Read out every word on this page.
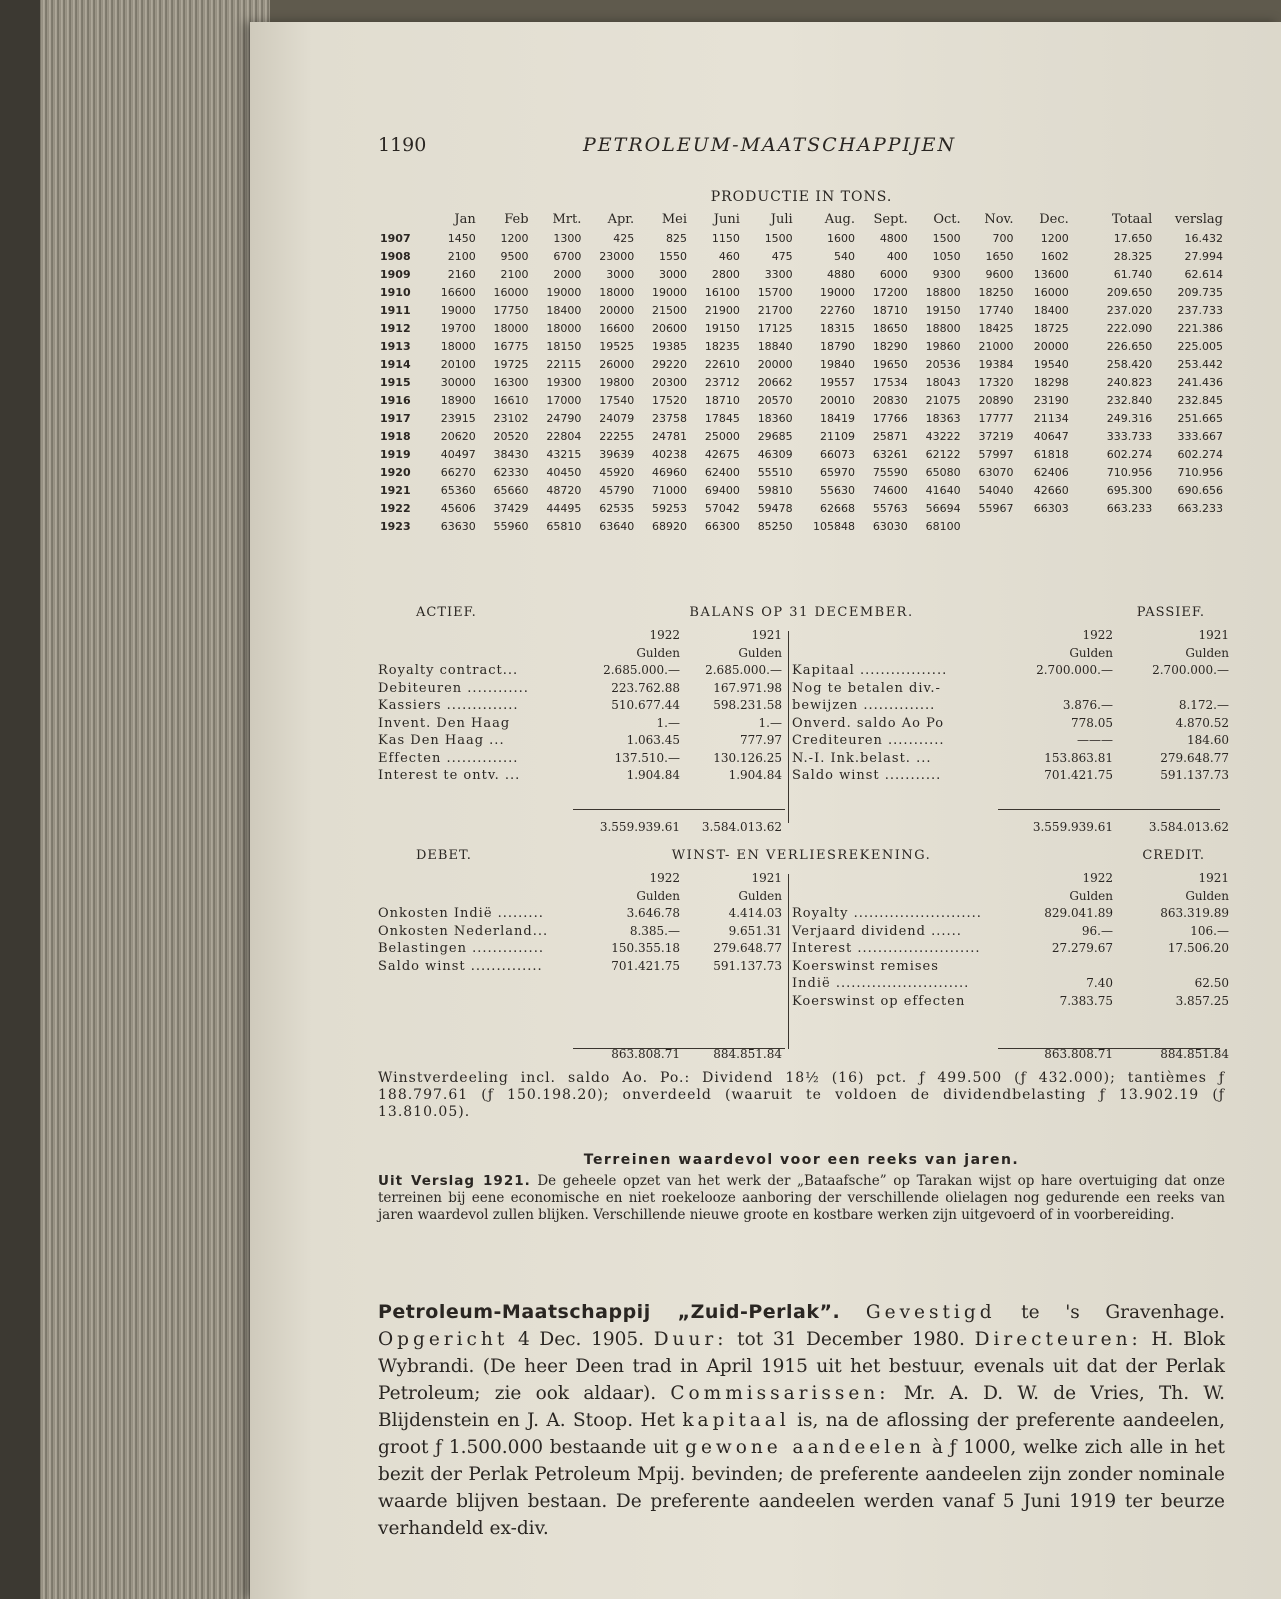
1190	PETROLEUM-MAATSCHAPPIJEN
PRODUCTIE IN TONS.
	Jan	Feb	Mrt.	Apr.	Mei	Juni	Juli	Aug.	Sept.	Oct.	Nov.	Dec.	Totaal	verslag
1907	1450	1200	1300	425	825	1150	1500	1600	4800	1500	700	1200	17.650	16.432
1908	2100	9500	6700	23000	1550	460	475	540	400	1050	1650	1602	28.325	27.994
1909	2160	2100	2000	3000	3000	2800	3300	4880	6000	9300	9600	13600	61.740	62.614
1910	16600	16000	19000	18000	19000	16100	15700	19000	17200	18800	18250	16000	209.650	209.735
1911	19000	17750	18400	20000	21500	21900	21700	22760	18710	19150	17740	18400	237.020	237.733
1912	19700	18000	18000	16600	20600	19150	17125	18315	18650	18800	18425	18725	222.090	221.386
1913	18000	16775	18150	19525	19385	18235	18840	18790	18290	19860	21000	20000	226.650	225.005
1914	20100	19725	22115	26000	29220	22610	20000	19840	19650	20536	19384	19540	258.420	253.442
1915	30000	16300	19300	19800	20300	23712	20662	19557	17534	18043	17320	18298	240.823	241.436
1916	18900	16610	17000	17540	17520	18710	20570	20010	20830	21075	20890	23190	232.840	232.845
1917	23915	23102	24790	24079	23758	17845	18360	18419	17766	18363	17777	21134	249.316	251.665
1918	20620	20520	22804	22255	24781	25000	29685	21109	25871	43222	37219	40647	333.733	333.667
1919	40497	38430	43215	39639	40238	42675	46309	66073	63261	62122	57997	61818	602.274	602.274
1920	66270	62330	40450	45920	46960	62400	55510	65970	75590	65080	63070	62406	710.956	710.956
1921	65360	65660	48720	45790	71000	69400	59810	55630	74600	41640	54040	42660	695.300	690.656
1922	45606	37429	44495	62535	59253	57042	59478	62668	55763	56694	55967	66303	663.233	663.233
1923	63630	55960	65810	63640	68920	66300	85250	105848	63030	68100				
ACTIEF.	BALANS OP 31 DECEMBER.	PASSIEF.
1922	1921
Gulden	Gulden
Royalty contract...	2.685.000.— 2.685.000.—
Debiteuren ............	223.762.88	167.971.98
Kassiers ..............	510.677.44	598.231.58
Invent. Den Haag	1.—	1.—
Kas Den Haag ...	1.063.45	777.97
Effecten ..............	137.510.—	130.126.25
Interest te ontv. ...	1.904.84	1.904.84
1922	1921
Gulden	Gulden
Kapitaal .................	2.700.000.—	2.700.000.—
Nog te betalen div.-
bewijzen ..............	3.876.—	8.172.—
Onverd. saldo Ao Po	778.05	4.870.52
Crediteuren ...........	———	184.60
N.-I. Ink.belast. ...	153.863.81	279.648.77
Saldo winst ...........	701.421.75	591.137.73
3.559.939.61 3.584.013.62	3.559.939.61	3.584.013.62
DEBET.	WINST- EN VERLIESREKENING.	CREDIT.
1922	1921
Gulden	Gulden
Onkosten Indië .........	3.646.78	4.414.03
Onkosten Nederland...	8.385.—	9.651.31
Belastingen ..............	150.355.18	279.648.77
Saldo winst ..............	701.421.75	591.137.73
1922	1921
Gulden	Gulden
Royalty .........................	829.041.89	863.319.89
Verjaard dividend ......	96.—	106.—
Interest ........................	27.279.67	17.506.20
Koerswinst remises
Indië ..........................	7.40	62.50
Koerswinst op effecten	7.383.75	3.857.25
863.808.71	884.851.84	863.808.71	884.851.84
Winstverdeeling incl. saldo Ao. Po.: Dividend 18½ (16) pct. ƒ 499.500 (ƒ 432.000); tantièmes ƒ 188.797.61 (ƒ 150.198.20); onverdeeld (waaruit te voldoen de dividendbelasting ƒ 13.902.19 (ƒ 13.810.05).
Terreinen waardevol voor een reeks van jaren.
Uit Verslag 1921. De geheele opzet van het werk der „Bataafsche” op Tarakan wijst op hare overtuiging dat onze terreinen bij eene economische en niet roekelooze aanboring der verschillende olielagen nog gedurende een reeks van jaren waardevol zullen blijken. Verschillende nieuwe groote en kostbare werken zijn uitgevoerd of in voorbereiding.
Petroleum-Maatschappij „Zuid-Perlak”. Gevestigd te 's Gravenhage. Opgericht 4 Dec. 1905. Duur: tot 31 December 1980. Directeuren: H. Blok Wybrandi. (De heer Deen trad in April 1915 uit het bestuur, evenals uit dat der Perlak Petroleum; zie ook aldaar). Commissarissen: Mr. A. D. W. de Vries, Th. W. Blijdenstein en J. A. Stoop. Het kapitaal is, na de aflossing der preferente aandeelen, groot ƒ 1.500.000 bestaande uit gewone aandeelen à ƒ 1000, welke zich alle in het bezit der Perlak Petroleum Mpij. bevinden; de preferente aandeelen zijn zonder nominale waarde blijven bestaan. De preferente aandeelen werden vanaf 5 Juni 1919 ter beurze verhandeld ex-div.
